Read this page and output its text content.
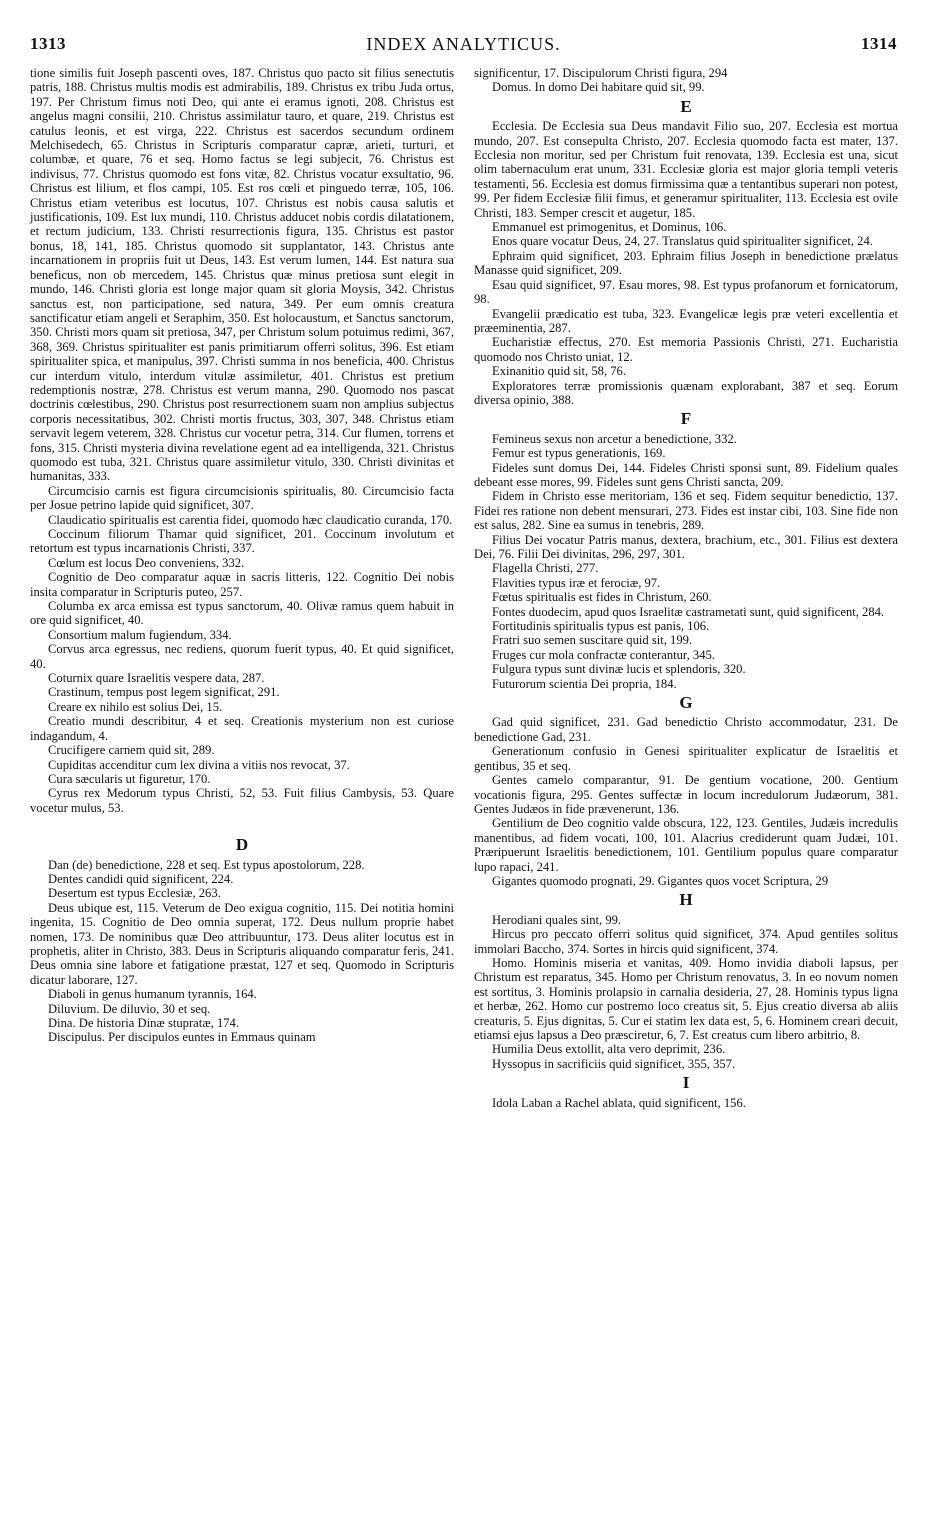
1313	INDEX ANALYTICUS.	1314

tione similis fuit Joseph pascenti oves, 187. Christus quo pacto sit filius senectutis patris, 188. Christus multis modis est admirabilis, 189. Christus ex tribu Juda ortus, 197. Per Christum fimus noti Deo, qui ante ei eramus ignoti, 208. Christus est angelus magni consilii, 210. Christus assimilatur tauro, et quare, 219. Christus est catulus leonis, et est virga, 222. Christus est sacerdos secundum ordinem Melchisedech, 65. Christus in Scripturis comparatur capræ, arieti, turturi, et columbæ, et quare, 76 et seq. Homo factus se legi subjecit, 76. Christus est indivisus, 77. Christus quomodo est fons vitæ, 82. Christus vocatur exsultatio, 96. Christus est lilium, et flos campi, 105. Est ros cœli et pinguedo terræ, 105, 106. Christus etiam veteribus est locutus, 107. Christus est nobis causa salutis et justificationis, 109. Est lux mundi, 110. Christus adducet nobis cordis dilatationem, et rectum judicium, 133. Christi resurrectionis figura, 135. Christus est pastor bonus, 18, 141, 185. Christus quomodo sit supplantator, 143. Christus ante incarnationem in propriis fuit ut Deus, 143. Est verum lumen, 144. Est natura sua beneficus, non ob mercedem, 145. Christus quæ minus pretiosa sunt elegit in mundo, 146. Christi gloria est longe major quam sit gloria Moysis, 342. Christus sanctus est, non participatione, sed natura, 349. Per eum omnis creatura sanctificatur etiam angeli et Seraphim, 350. Est holocaustum, et Sanctus sanctorum, 350. Christi mors quam sit pretiosa, 347, per Christum solum potuimus redimi, 367, 368, 369. Christus spiritualiter est panis primitiarum offerri solitus, 396. Est etiam spiritualiter spica, et manipulus, 397. Christi summa in nos beneficia, 400. Christus cur interdum vitulo, interdum vitulæ assimiletur, 401. Christus est pretium redemptionis nostræ, 278. Christus est verum manna, 290. Quomodo nos pascat doctrinis cœlestibus, 290. Christus post resurrectionem suam non amplius subjectus corporis necessitatibus, 302. Christi mortis fructus, 303, 307, 348. Christus etiam servavit legem veterem, 328. Christus cur vocetur petra, 314. Cur flumen, torrens et fons, 315. Christi mysteria divina revelatione egent ad ea intelligenda, 321. Christus quomodo est tuba, 321. Christus quare assimiletur vitulo, 330. Christi divinitas et humanitas, 333.

Circumcisio carnis est figura circumcisionis spiritualis, 80. Circumcisio facta per Josue petrino lapide quid significet, 307.

Claudicatio spiritualis est carentia fidei, quomodo hæc claudicatio curanda, 170.

Coccinum filiorum Thamar quid significet, 201. Coccinum involutum et retortum est typus incarnationis Christi, 337.

Cœlum est locus Deo conveniens, 332.

Cognitio de Deo comparatur aquæ in sacris litteris, 122. Cognitio Dei nobis insita comparatur in Scripturis puteo, 257.

Columba ex arca emissa est typus sanctorum, 40. Olivæ ramus quem habuit in ore quid significet, 40.

Consortium malum fugiendum, 334.

Corvus arca egressus, nec rediens, quorum fuerit typus, 40. Et quid significet, 40.

Coturnix quare Israelitis vespere data, 287.

Crastinum, tempus post legem significat, 291.

Creare ex nihilo est solius Dei, 15.

Creatio mundi describitur, 4 et seq. Creationis mysterium non est curiose indagandum, 4.

Crucifigere carnem quid sit, 289.

Cupiditas accenditur cum lex divina a vitiis nos revocat, 37.

Cura sæcularis ut figuretur, 170.

Cyrus rex Medorum typus Christi, 52, 53. Fuit filius Cambysis, 53. Quare vocetur mulus, 53.

D

Dan (de) benedictione, 228 et seq. Est typus apostolorum, 228.

Dentes candidi quid significent, 224.

Desertum est typus Ecclesiæ, 263.

Deus ubique est, 115. Veterum de Deo exigua cognitio, 115. Dei notitia homini ingenita, 15. Cognitio de Deo omnia superat, 172. Deus nullum proprie habet nomen, 173. De nominibus quæ Deo attribuuntur, 173. Deus aliter locutus est in prophetis, aliter in Christo, 383. Deus in Scripturis aliquando comparatur feris, 241. Deus omnia sine labore et fatigatione præstat, 127 et seq. Quomodo in Scripturis dicatur laborare, 127.

Diaboli in genus humanum tyrannis, 164.

Diluvium. De diluvio, 30 et seq.

Dina. De historia Dinæ stupratæ, 174.

Discipulus. Per discipulos euntes in Emmaus quinam

significentur, 17. Discipulorum Christi figura, 294

Domus. In domo Dei habitare quid sit, 99.

E

Ecclesia. De Ecclesia sua Deus mandavit Filio suo, 207. Ecclesia est mortua mundo, 207. Est consepulta Christo, 207. Ecclesia quomodo facta est mater, 137. Ecclesia non moritur, sed per Christum fuit renovata, 139. Ecclesia est una, sicut olim tabernaculum erat unum, 331. Ecclesiæ gloria est major gloria templi veteris testamenti, 56. Ecclesia est domus firmissima quæ a tentantibus superari non potest, 99. Per fidem Ecclesiæ filii fimus, et generamur spiritualiter, 113. Ecclesia est ovile Christi, 183. Semper crescit et augetur, 185.

Emmanuel est primogenitus, et Dominus, 106.

Enos quare vocatur Deus, 24, 27. Translatus quid spiritualiter significet, 24.

Ephraim quid significet, 203. Ephraim filius Joseph in benedictione prælatus Manasse quid significet, 209.

Esau quid significet, 97. Esau mores, 98. Est typus profanorum et fornicatorum, 98.

Evangelii prædicatio est tuba, 323. Evangelicæ legis præ veteri excellentia et præeminentia, 287.

Eucharistiæ effectus, 270. Est memoria Passionis Christi, 271. Eucharistia quomodo nos Christo uniat, 12.

Exinanitio quid sit, 58, 76.

Exploratores terræ promissionis quænam explorabant, 387 et seq. Eorum diversa opinio, 388.

F

Femineus sexus non arcetur a benedictione, 332.

Femur est typus generationis, 169.

Fideles sunt domus Dei, 144. Fideles Christi sponsi sunt, 89. Fidelium quales debeant esse mores, 99. Fideles sunt gens Christi sancta, 209.

Fidem in Christo esse meritoriam, 136 et seq. Fidem sequitur benedictio, 137. Fidei res ratione non debent mensurari, 273. Fides est instar cibi, 103. Sine fide non est salus, 282. Sine ea sumus in tenebris, 289.

Filius Dei vocatur Patris manus, dextera, brachium, etc., 301. Filius est dextera Dei, 76. Filii Dei divinitas, 296, 297, 301.

Flagella Christi, 277.

Flavities typus iræ et ferociæ, 97.

Fœtus spiritualis est fides in Christum, 260.

Fontes duodecim, apud quos Israelitæ castrametati sunt, quid significent, 284.

Fortitudinis spiritualis typus est panis, 106.

Fratri suo semen suscitare quid sit, 199.

Fruges cur mola confractæ conterantur, 345.

Fulgura typus sunt divinæ lucis et splendoris, 320.

Futurorum scientia Dei propria, 184.

G

Gad quid significet, 231. Gad benedictio Christo accommodatur, 231. De benedictione Gad, 231.

Generationum confusio in Genesi spiritualiter explicatur de Israelitis et gentibus, 35 et seq.

Gentes camelo comparantur, 91. De gentium vocatione, 200. Gentium vocationis figura, 295. Gentes suffectæ in locum incredulorum Judæorum, 381. Gentes Judæos in fide prævenerunt, 136.

Gentilium de Deo cognitio valde obscura, 122, 123. Gentiles, Judæis incredulis manentibus, ad fidem vocati, 100, 101. Alacrius crediderunt quam Judæi, 101. Præripuerunt Israelitis benedictionem, 101. Gentilium populus quare comparatur lupo rapaci, 241.

Gigantes quomodo prognati, 29. Gigantes quos vocet Scriptura, 29

H

Herodiani quales sint, 99.

Hircus pro peccato offerri solitus quid significet, 374. Apud gentiles solitus immolari Baccho, 374. Sortes in hircis quid significent, 374.

Homo. Hominis miseria et vanitas, 409. Homo invidia diaboli lapsus, per Christum est reparatus, 345. Homo per Christum renovatus, 3. In eo novum nomen est sortitus, 3. Hominis prolapsio in carnalia desideria, 27, 28. Hominis typus ligna et herbæ, 262. Homo cur postremo loco creatus sit, 5. Ejus creatio diversa ab aliis creaturis, 5. Ejus dignitas, 5. Cur ei statim lex data est, 5, 6. Hominem creari decuit, etiamsi ejus lapsus a Deo præsciretur, 6, 7. Est creatus cum libero arbitrio, 8.

Humilia Deus extollit, alta vero deprimit, 236.

Hyssopus in sacrificiis quid significet, 355, 357.

I

Idola Laban a Rachel ablata, quid significent, 156.
